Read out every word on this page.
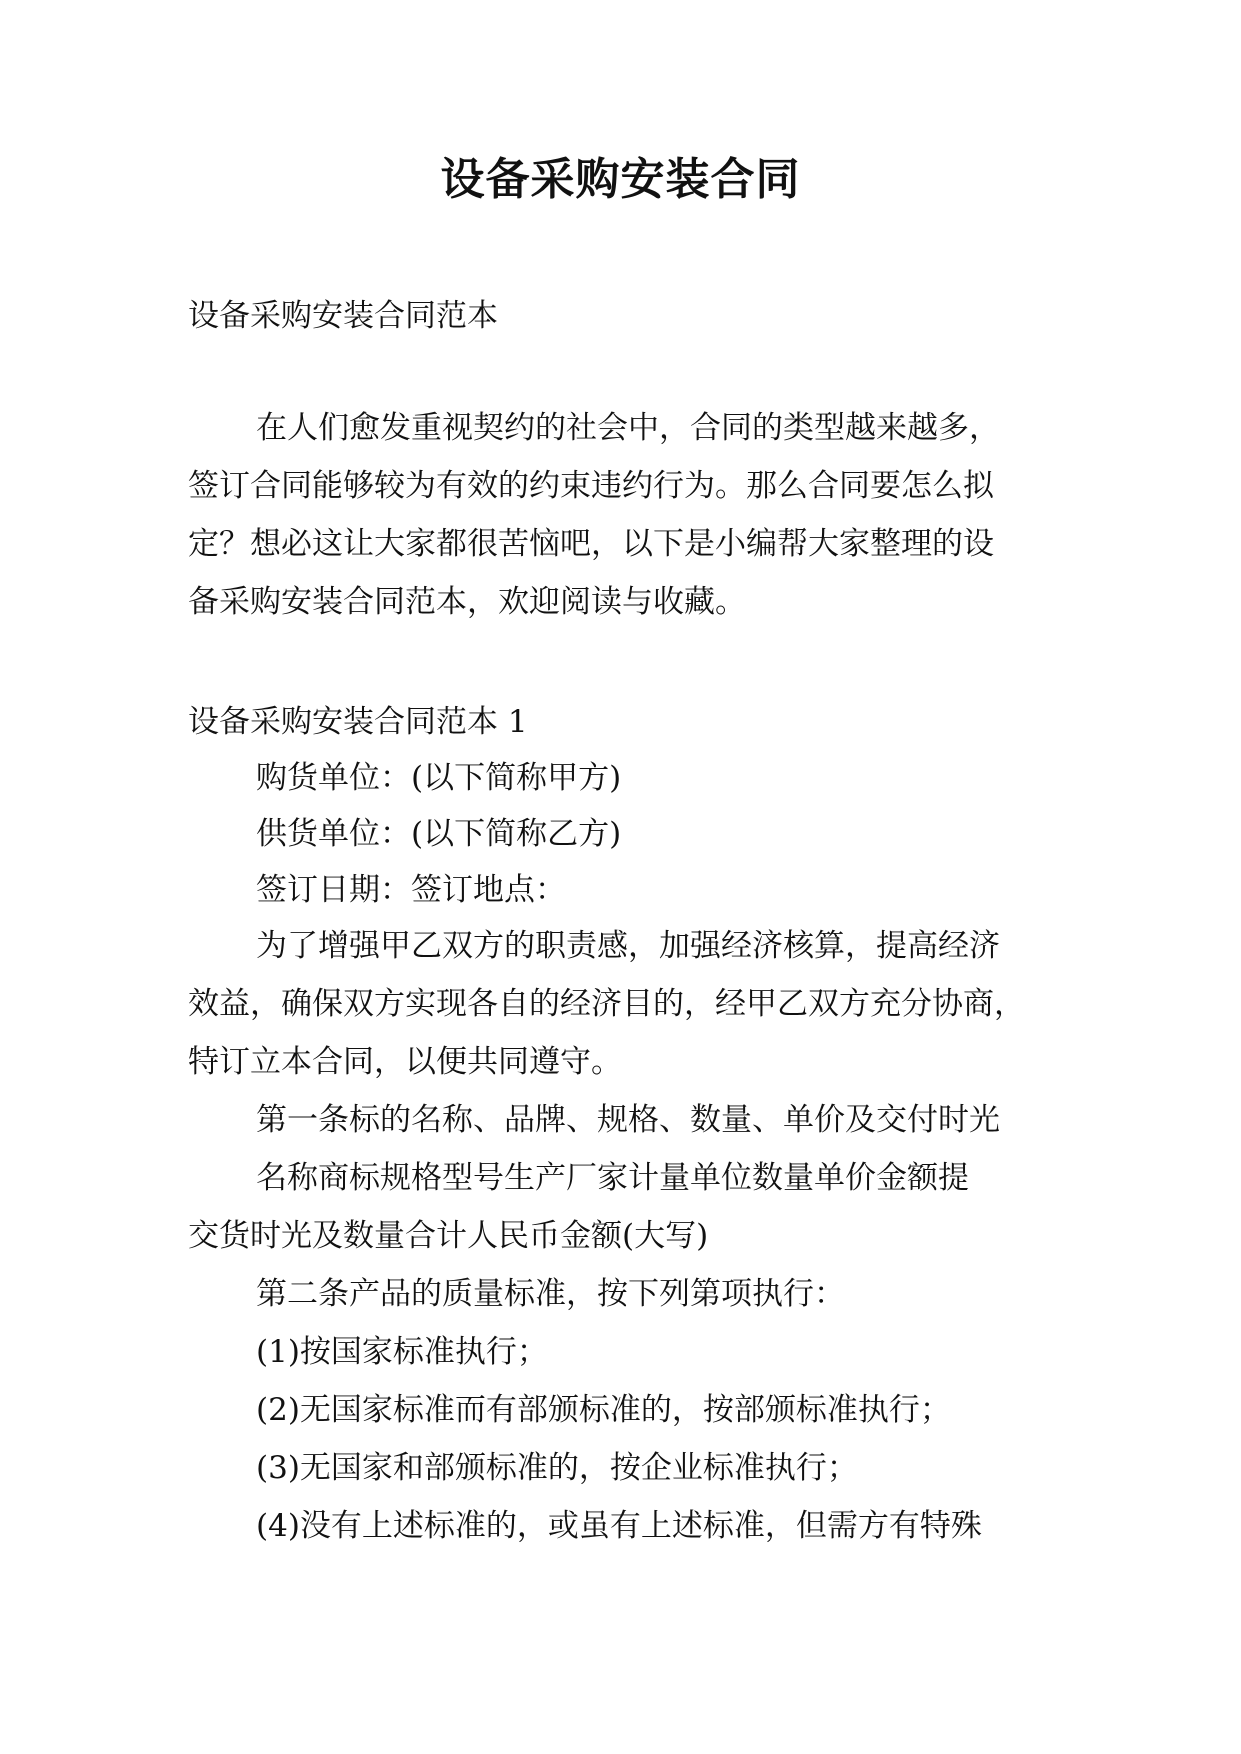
设备采购安装合同
设备采购安装合同范本
在人们愈发重视契约的社会中，合同的类型越来越多，
签订合同能够较为有效的约束违约行为。那么合同要怎么拟
定？想必这让大家都很苦恼吧，以下是小编帮大家整理的设
备采购安装合同范本，欢迎阅读与收藏。
设备采购安装合同范本 1
购货单位：(以下简称甲方)
供货单位：(以下简称乙方)
签订日期：签订地点：
为了增强甲乙双方的职责感，加强经济核算，提高经济
效益，确保双方实现各自的经济目的，经甲乙双方充分协商，
特订立本合同，以便共同遵守。
第一条标的名称、品牌、规格、数量、单价及交付时光
名称商标规格型号生产厂家计量单位数量单价金额提
交货时光及数量合计人民币金额(大写)
第二条产品的质量标准，按下列第项执行：
(1)按国家标准执行；
(2)无国家标准而有部颁标准的，按部颁标准执行；
(3)无国家和部颁标准的，按企业标准执行；
(4)没有上述标准的，或虽有上述标准，但需方有特殊
